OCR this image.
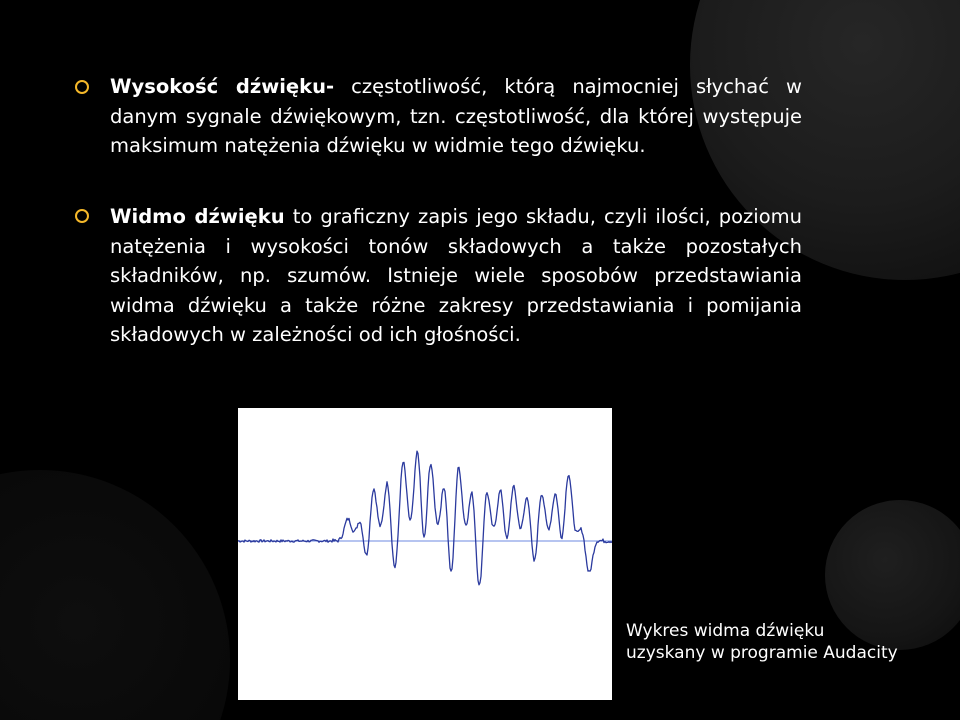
Wysokość dźwięku- częstotliwość, którą najmocniej słychać w danym sygnale dźwiękowym, tzn. częstotliwość, dla której występuje maksimum natężenia dźwięku w widmie tego dźwięku.

Widmo dźwięku to graficzny zapis jego składu, czyli ilości, poziomu natężenia i wysokości tonów składowych a także pozostałych składników, np. szumów. Istnieje wiele sposobów przedstawiania widma dźwięku a także różne zakresy przedstawiania i pomijania składowych w zależności od ich głośności.

Wykres widma dźwięku
uzyskany w programie Audacity
